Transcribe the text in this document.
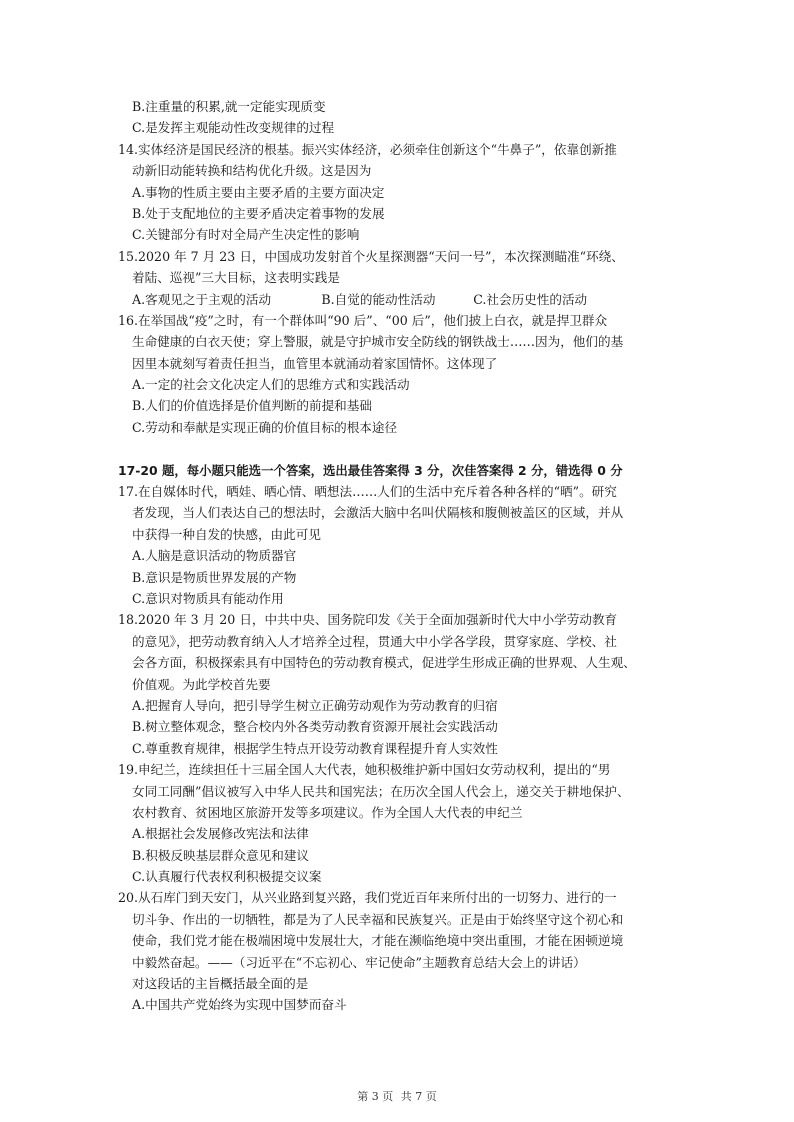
B.注重量的积累,就一定能实现质变
C.是发挥主观能动性改变规律的过程
14.实体经济是国民经济的根基。振兴实体经济，必须牵住创新这个“牛鼻子”，依靠创新推
动新旧动能转换和结构优化升级。这是因为
A.事物的性质主要由主要矛盾的主要方面决定
B.处于支配地位的主要矛盾决定着事物的发展
C.关键部分有时对全局产生决定性的影响
15.2020 年 7 月 23 日，中国成功发射首个火星探测器“天问一号”，本次探测瞄准“环绕、
着陆、巡视”三大目标，这表明实践是
A.客观见之于主观的活动　　　　B.自觉的能动性活动　　　C.社会历史性的活动
16.在举国战“疫”之时，有一个群体叫“90 后”、“00 后”，他们披上白衣，就是捍卫群众
生命健康的白衣天使；穿上警服，就是守护城市安全防线的钢铁战士……因为，他们的基
因里本就刻写着责任担当，血管里本就涌动着家国情怀。这体现了
A.一定的社会文化决定人们的思维方式和实践活动
B.人们的价值选择是价值判断的前提和基础
C.劳动和奉献是实现正确的价值目标的根本途径
17-20 题，每小题只能选一个答案，选出最佳答案得 3 分，次佳答案得 2 分，错选得 0 分
17.在自媒体时代，晒娃、晒心情、晒想法……人们的生活中充斥着各种各样的“晒”。研究
者发现，当人们表达自己的想法时，会激活大脑中名叫伏隔核和腹侧被盖区的区域，并从
中获得一种自发的快感，由此可见
A.人脑是意识活动的物质器官
B.意识是物质世界发展的产物
C.意识对物质具有能动作用
18.2020 年 3 月 20 日，中共中央、国务院印发《关于全面加强新时代大中小学劳动教育
的意见》，把劳动教育纳入人才培养全过程，贯通大中小学各学段，贯穿家庭、学校、社
会各方面，积极探索具有中国特色的劳动教育模式，促进学生形成正确的世界观、人生观、
价值观。为此学校首先要
A.把握育人导向，把引导学生树立正确劳动观作为劳动教育的归宿
B.树立整体观念，整合校内外各类劳动教育资源开展社会实践活动
C.尊重教育规律，根据学生特点开设劳动教育课程提升育人实效性
19.申纪兰，连续担任十三届全国人大代表，她积极维护新中国妇女劳动权利，提出的“男
女同工同酬”倡议被写入中华人民共和国宪法；在历次全国人代会上，递交关于耕地保护、
农村教育、贫困地区旅游开发等多项建议。作为全国人大代表的申纪兰
A.根据社会发展修改宪法和法律
B.积极反映基层群众意见和建议
C.认真履行代表权利积极提交议案
20.从石库门到天安门，从兴业路到复兴路，我们党近百年来所付出的一切努力、进行的一
切斗争、作出的一切牺牲，都是为了人民幸福和民族复兴。正是由于始终坚守这个初心和
使命，我们党才能在极端困境中发展壮大，才能在濒临绝境中突出重围，才能在困顿逆境
中毅然奋起。——（习近平在“不忘初心、牢记使命”主题教育总结大会上的讲话）
对这段话的主旨概括最全面的是
A.中国共产党始终为实现中国梦而奋斗
第 3 页 共 7 页
